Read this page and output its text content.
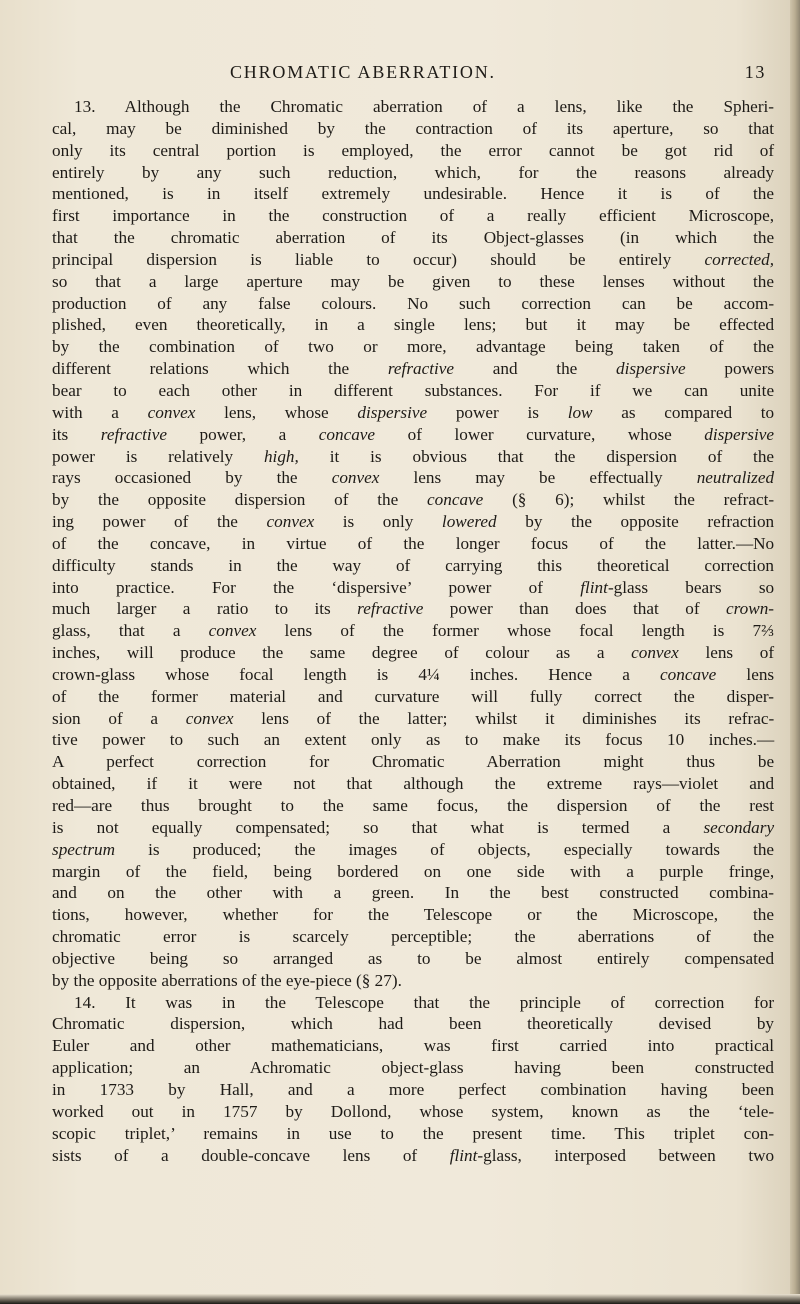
CHROMATIC ABERRATION.	13
13. Although the Chromatic aberration of a lens, like the Spheri-
cal, may be diminished by the contraction of its aperture, so that
only its central portion is employed, the error cannot be got rid of
entirely by any such reduction, which, for the reasons already
mentioned, is in itself extremely undesirable. Hence it is of the
first importance in the construction of a really efficient Microscope,
that the chromatic aberration of its Object-glasses (in which the
principal dispersion is liable to occur) should be entirely corrected,
so that a large aperture may be given to these lenses without the
production of any false colours. No such correction can be accom-
plished, even theoretically, in a single lens; but it may be effected
by the combination of two or more, advantage being taken of the
different relations which the refractive and the dispersive powers
bear to each other in different substances. For if we can unite
with a convex lens, whose dispersive power is low as compared to
its refractive power, a concave of lower curvature, whose dispersive
power is relatively high, it is obvious that the dispersion of the
rays occasioned by the convex lens may be effectually neutralized
by the opposite dispersion of the concave (§ 6); whilst the refract-
ing power of the convex is only lowered by the opposite refraction
of the concave, in virtue of the longer focus of the latter.—No
difficulty stands in the way of carrying this theoretical correction
into practice. For the ‘dispersive’ power of flint-glass bears so
much larger a ratio to its refractive power than does that of crown-
glass, that a convex lens of the former whose focal length is 7⅔
inches, will produce the same degree of colour as a convex lens of
crown-glass whose focal length is 4¼ inches. Hence a concave lens
of the former material and curvature will fully correct the disper-
sion of a convex lens of the latter; whilst it diminishes its refrac-
tive power to such an extent only as to make its focus 10 inches.—
A perfect correction for Chromatic Aberration might thus be
obtained, if it were not that although the extreme rays—violet and
red—are thus brought to the same focus, the dispersion of the rest
is not equally compensated; so that what is termed a secondary
spectrum is produced; the images of objects, especially towards the
margin of the field, being bordered on one side with a purple fringe,
and on the other with a green. In the best constructed combina-
tions, however, whether for the Telescope or the Microscope, the
chromatic error is scarcely perceptible; the aberrations of the
objective being so arranged as to be almost entirely compensated
by the opposite aberrations of the eye-piece (§ 27).
14. It was in the Telescope that the principle of correction for
Chromatic	dispersion,	which	had	been	theoretically	devised	by
Euler and other mathematicians, was first carried into practical
application;	an	Achromatic	object-glass	having	been	constructed
in 1733 by Hall, and a more perfect combination having been
worked out in 1757 by Dollond, whose system, known as the ‘tele-
scopic triplet,’ remains in use to the present time. This triplet con-
sists of a double-concave lens of flint-glass, interposed between two
